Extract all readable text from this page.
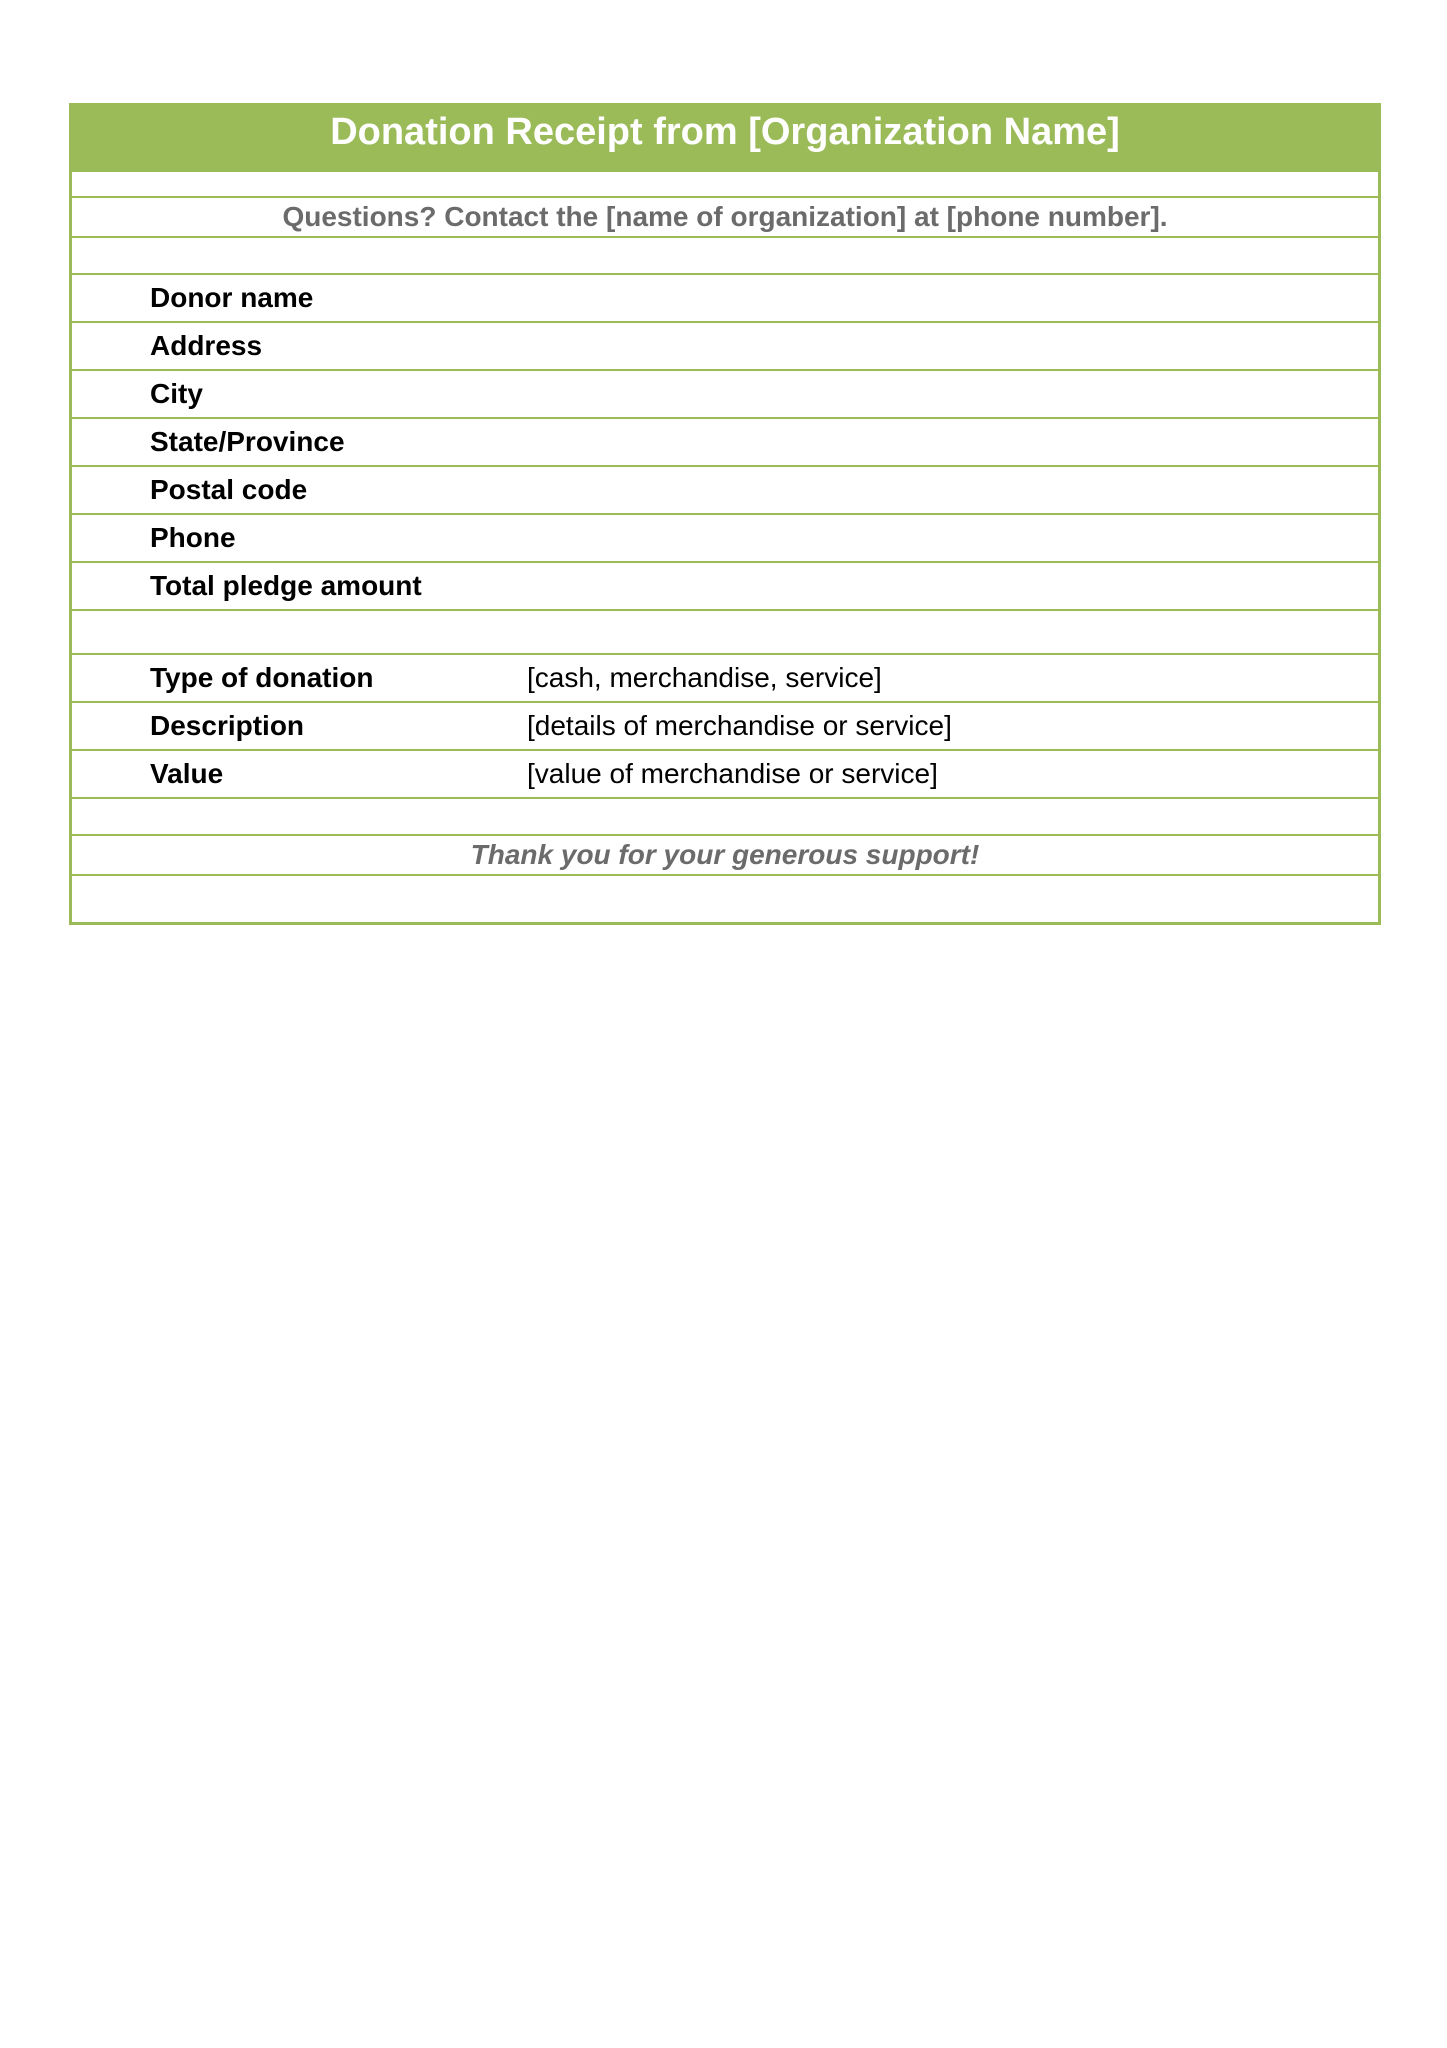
Donation Receipt from [Organization Name]
Questions? Contact the [name of organization] at [phone number].
Donor name
Address
City
State/Province
Postal code
Phone
Total pledge amount
Type of donation	[cash, merchandise, service]
Description	[details of merchandise or service]
Value	[value of merchandise or service]
Thank you for your generous support!
